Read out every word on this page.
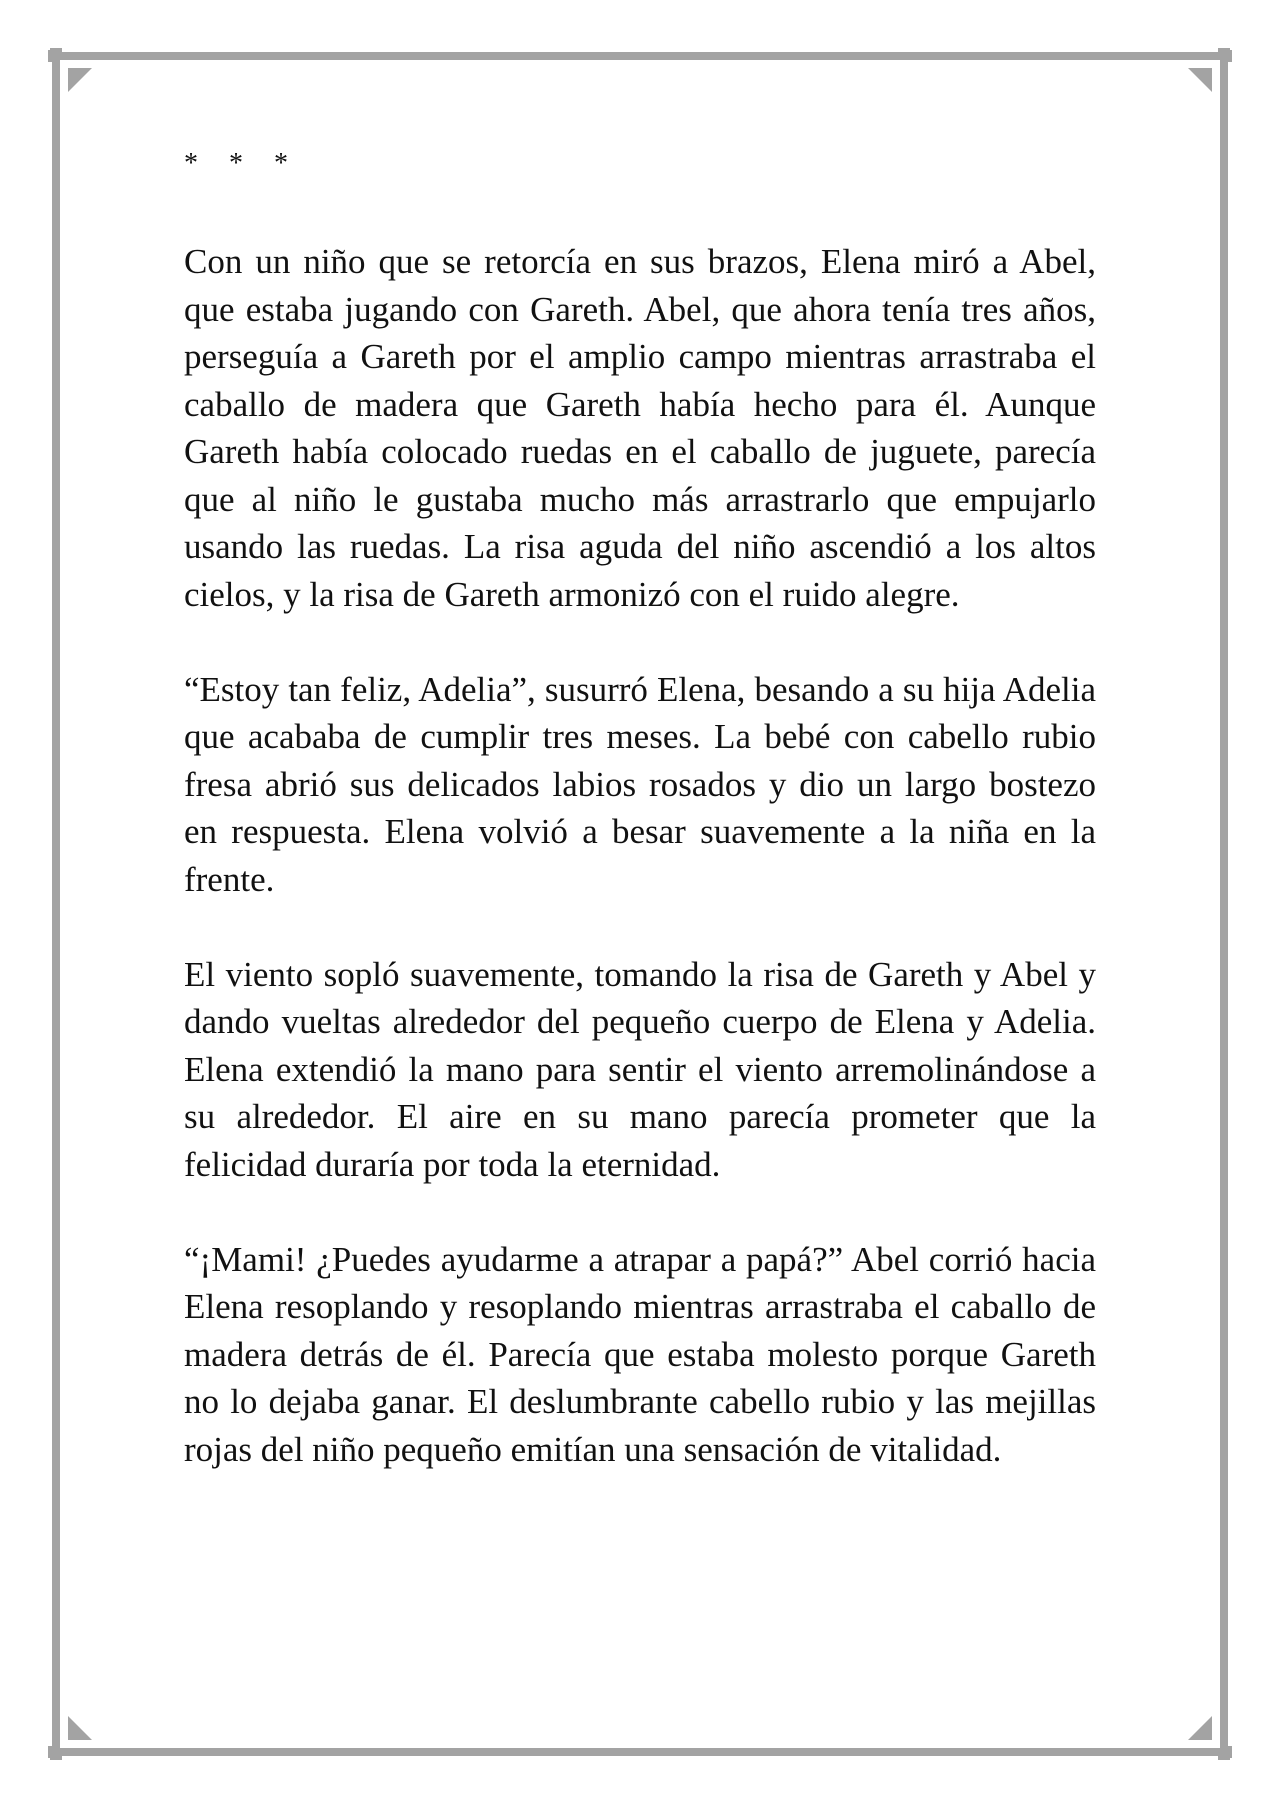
* * *

Con un niño que se retorcía en sus brazos, Elena miró a Abel, que estaba jugando con Gareth. Abel, que ahora tenía tres años, perseguía a Gareth por el amplio campo mientras arrastraba el caballo de madera que Gareth había hecho para él. Aunque Gareth había colocado ruedas en el caballo de juguete, parecía que al niño le gustaba mucho más arrastrarlo que empujarlo usando las ruedas. La risa aguda del niño ascendió a los altos cielos, y la risa de Gareth armonizó con el ruido alegre.

“Estoy tan feliz, Adelia”, susurró Elena, besando a su hija Adelia que acababa de cumplir tres meses. La bebé con cabello rubio fresa abrió sus delicados labios rosados y dio un largo bostezo en respuesta. Elena volvió a besar suavemente a la niña en la frente.

El viento sopló suavemente, tomando la risa de Gareth y Abel y dando vueltas alrededor del pequeño cuerpo de Elena y Adelia. Elena extendió la mano para sentir el viento arremolinándose a su alrededor. El aire en su mano parecía prometer que la felicidad duraría por toda la eternidad.

“¡Mami! ¿Puedes ayudarme a atrapar a papá?” Abel corrió hacia Elena resoplando y resoplando mientras arrastraba el caballo de madera detrás de él. Parecía que estaba molesto porque Gareth no lo dejaba ganar. El deslumbrante cabello rubio y las mejillas rojas del niño pequeño emitían una sensación de vitalidad.
